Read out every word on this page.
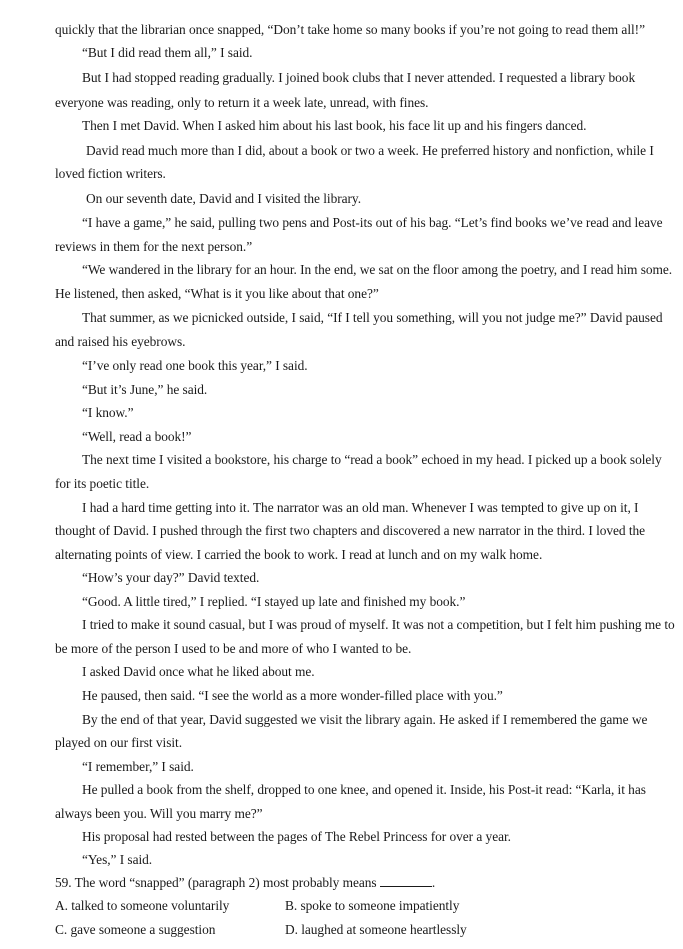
quickly that the librarian once snapped, “Don’t take home so many books if you’re not going to read them all!”
“But I did read them all,” I said.
But I had stopped reading gradually. I joined book clubs that I never attended. I requested a library book
everyone was reading, only to return it a week late, unread, with fines.
Then I met David. When I asked him about his last book, his face lit up and his fingers danced.
David read much more than I did, about a book or two a week. He preferred history and nonfiction, while I
loved fiction writers.
On our seventh date, David and I visited the library.
“I have a game,” he said, pulling two pens and Post-its out of his bag. “Let’s find books we’ve read and leave
reviews in them for the next person.”
“We wandered in the library for an hour. In the end, we sat on the floor among the poetry, and I read him some.
He listened, then asked, “What is it you like about that one?”
That summer, as we picnicked outside, I said, “If I tell you something, will you not judge me?” David paused
and raised his eyebrows.
“I’ve only read one book this year,” I said.
“But it’s June,” he said.
“I know.”
“Well, read a book!”
The next time I visited a bookstore, his charge to “read a book” echoed in my head. I picked up a book solely
for its poetic title.
I had a hard time getting into it. The narrator was an old man. Whenever I was tempted to give up on it, I
thought of David. I pushed through the first two chapters and discovered a new narrator in the third. I loved the
alternating points of view. I carried the book to work. I read at lunch and on my walk home.
“How’s your day?” David texted.
“Good. A little tired,” I replied. “I stayed up late and finished my book.”
I tried to make it sound casual, but I was proud of myself. It was not a competition, but I felt him pushing me to
be more of the person I used to be and more of who I wanted to be.
I asked David once what he liked about me.
He paused, then said. “I see the world as a more wonder-filled place with you.”
By the end of that year, David suggested we visit the library again. He asked if I remembered the game we
played on our first visit.
“I remember,” I said.
He pulled a book from the shelf, dropped to one knee, and opened it. Inside, his Post-it read: “Karla, it has
always been you. Will you marry me?”
His proposal had rested between the pages of The Rebel Princess for over a year.
“Yes,” I said.
59. The word “snapped” (paragraph 2) most probably means	.
A. talked to someone voluntarily	B. spoke to someone impatiently
C. gave someone a suggestion	D. laughed at someone heartlessly
